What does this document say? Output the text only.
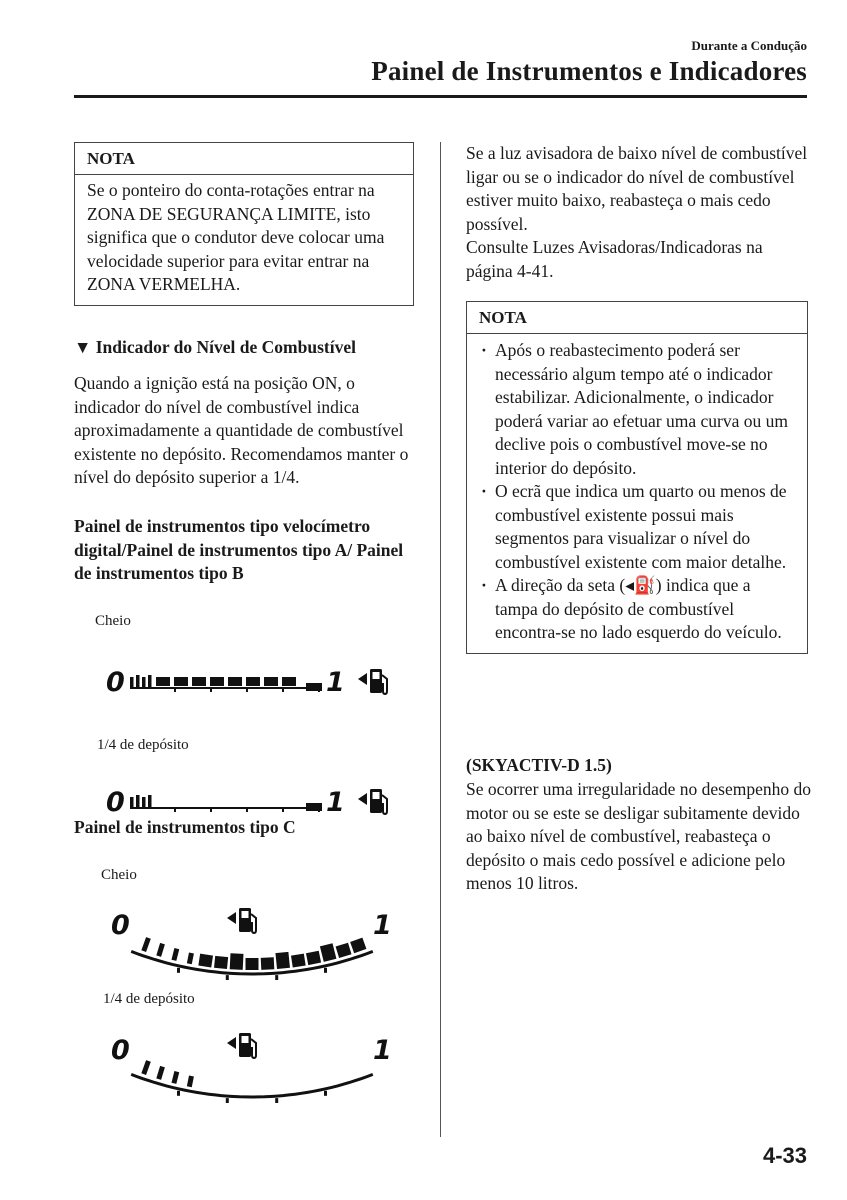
Durante a Condução
Painel de Instrumentos e Indicadores
NOTA
Se o ponteiro do conta-rotações entrar na ZONA DE SEGURANÇA LIMITE, isto significa que o condutor deve colocar uma velocidade superior para evitar entrar na ZONA VERMELHA.
▼ Indicador do Nível de Combustível
Quando a ignição está na posição ON, o indicador do nível de combustível indica aproximadamente a quantidade de combustível existente no depósito. Recomendamos manter o nível do depósito superior a 1/4.
Painel de instrumentos tipo velocímetro digital/Painel de instrumentos tipo A/ Painel de instrumentos tipo B
Cheio
0	1
1/4 de depósito
0	1
Painel de instrumentos tipo C
Cheio
0	1
1/4 de depósito
0	1
Se a luz avisadora de baixo nível de combustível ligar ou se o indicador do nível de combustível estiver muito baixo, reabasteça o mais cedo possível.
Consulte Luzes Avisadoras/Indicadoras na página 4-41.
NOTA
· Após o reabastecimento poderá ser necessário algum tempo até o indicador estabilizar. Adicionalmente, o indicador poderá variar ao efetuar uma curva ou um declive pois o combustível move-se no interior do depósito.
· O ecrã que indica um quarto ou menos de combustível existente possui mais segmentos para visualizar o nível do combustível existente com maior detalhe.
· A direção da seta (◂⛽) indica que a tampa do depósito de combustível encontra-se no lado esquerdo do veículo.
(SKYACTIV-D 1.5)
Se ocorrer uma irregularidade no desempenho do motor ou se este se desligar subitamente devido ao baixo nível de combustível, reabasteça o depósito o mais cedo possível e adicione pelo menos 10 litros.
4-33
